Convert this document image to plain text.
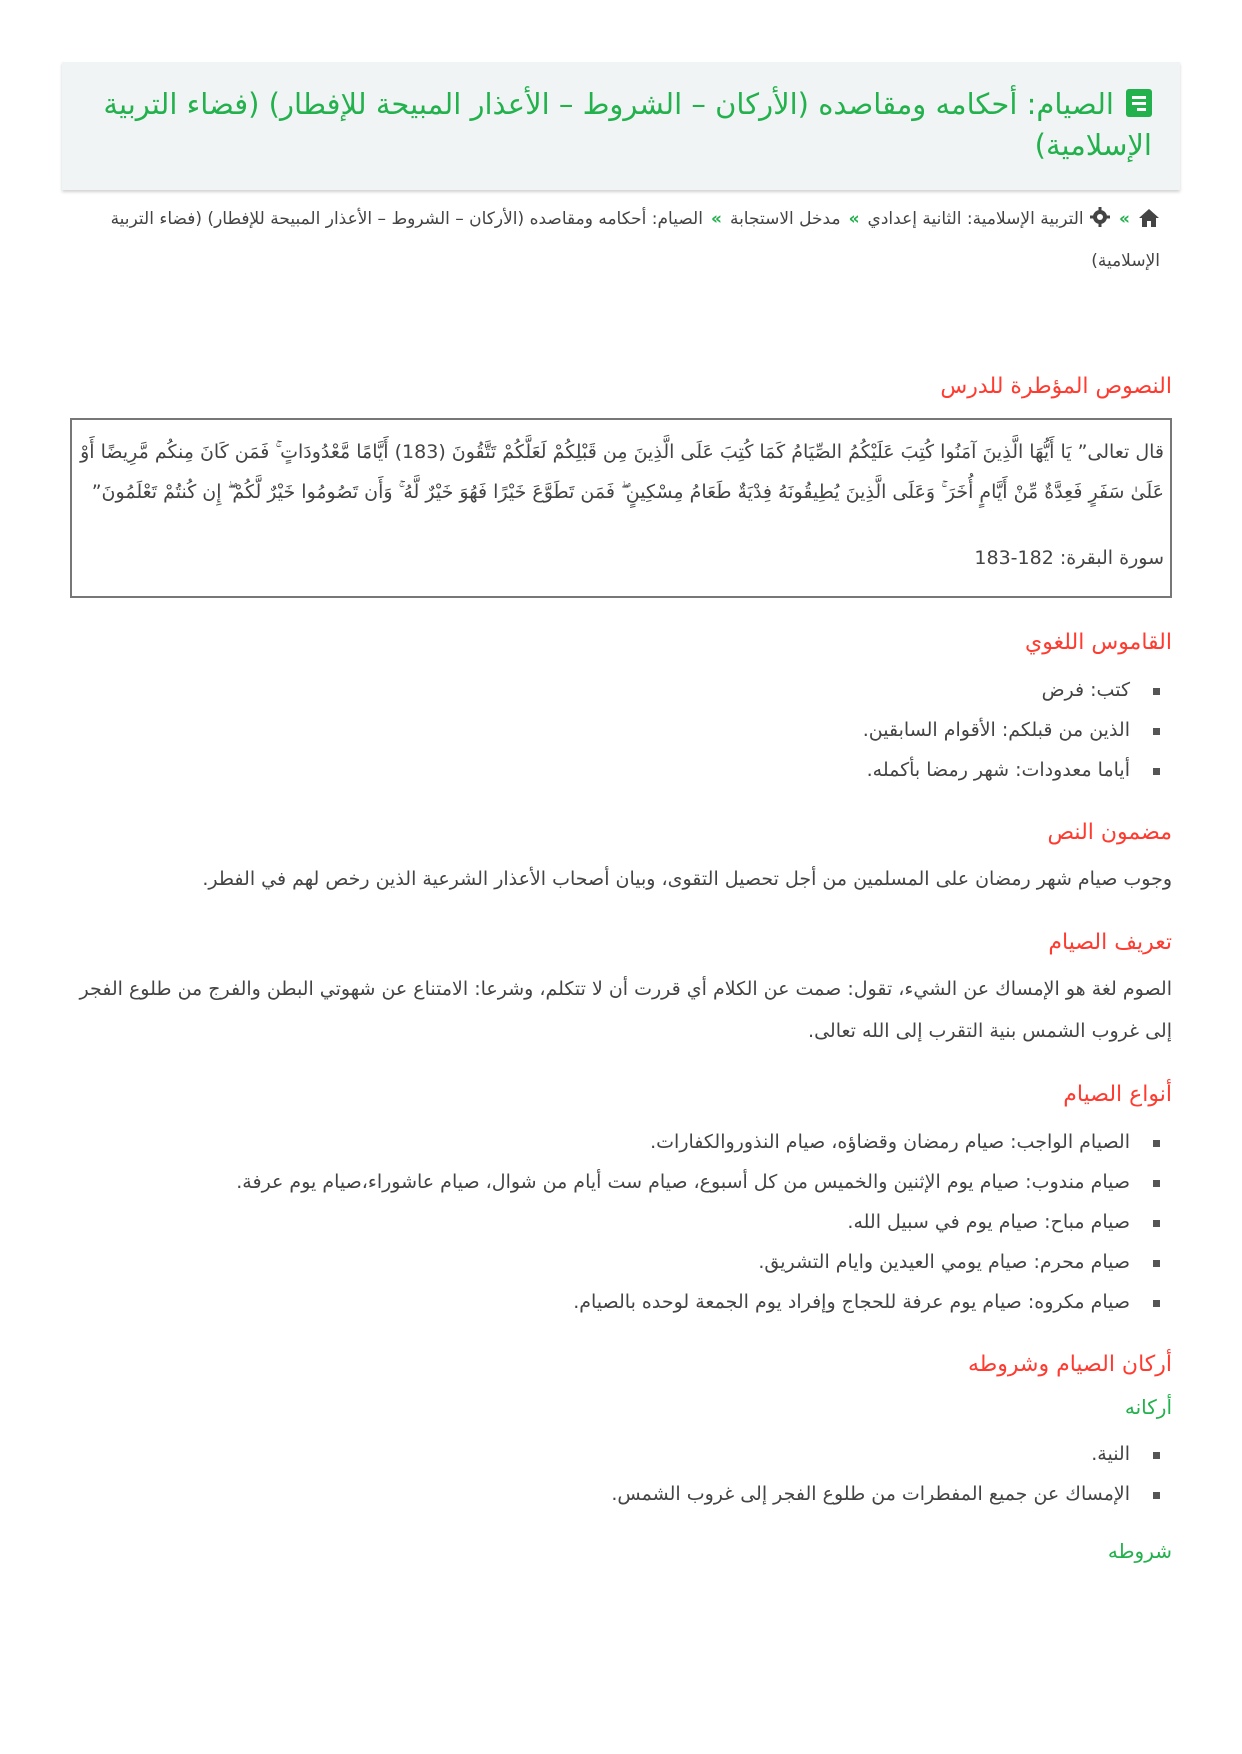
الصيام: أحكامه ومقاصده (الأركان – الشروط – الأعذار المبيحة للإفطار) (فضاء التربية الإسلامية)
» التربية الإسلامية: الثانية إعدادي»مدخل الاستجابة»الصيام: أحكامه ومقاصده (الأركان – الشروط – الأعذار المبيحة للإفطار) (فضاء التربية الإسلامية)
النصوص المؤطرة للدرس
قال تعالى” يَا أَيُّهَا الَّذِينَ آمَنُوا كُتِبَ عَلَيْكُمُ الصِّيَامُ كَمَا كُتِبَ عَلَى الَّذِينَ مِن قَبْلِكُمْ لَعَلَّكُمْ تَتَّقُونَ (183) أَيَّامًا مَّعْدُودَاتٍ ۚ فَمَن كَانَ مِنكُم مَّرِيضًا أَوْ عَلَىٰ سَفَرٍ فَعِدَّةٌ مِّنْ أَيَّامٍ أُخَرَ ۚ وَعَلَى الَّذِينَ يُطِيقُونَهُ فِدْيَةٌ طَعَامُ مِسْكِينٍ ۖ فَمَن تَطَوَّعَ خَيْرًا فَهُوَ خَيْرٌ لَّهُ ۚ وَأَن تَصُومُوا خَيْرٌ لَّكُمْ ۖ إِن كُنتُمْ تَعْلَمُونَ”
سورة البقرة: 182-183
القاموس اللغوي
كتب: فرض
الذين من قبلكم: الأقوام السابقين.
أياما معدودات: شهر رمضا بأكمله.
مضمون النص

وجوب صيام شهر رمضان على المسلمين من أجل تحصيل التقوى، وبيان أصحاب الأعذار الشرعية الذين رخص لهم في الفطر.

تعريف الصيام

الصوم لغة هو الإمساك عن الشيء، تقول: صمت عن الكلام أي قررت أن لا تتكلم، وشرعا: الامتناع عن شهوتي البطن والفرج من طلوع الفجر إلى غروب الشمس بنية التقرب إلى الله تعالى.

أنواع الصيام
الصيام الواجب: صيام رمضان وقضاؤه، صيام النذوروالكفارات.
صيام مندوب: صيام يوم الإثنين والخميس من كل أسبوع، صيام ست أيام من شوال، صيام عاشوراء،صيام يوم عرفة.
صيام مباح: صيام يوم في سبيل الله.
صيام محرم: صيام يومي العيدين وايام التشريق.
صيام مكروه: صيام يوم عرفة للحجاج وإفراد يوم الجمعة لوحده بالصيام.
أركان الصيام وشروطه
أركانه
النية.
الإمساك عن جميع المفطرات من طلوع الفجر إلى غروب الشمس.
شروطه
